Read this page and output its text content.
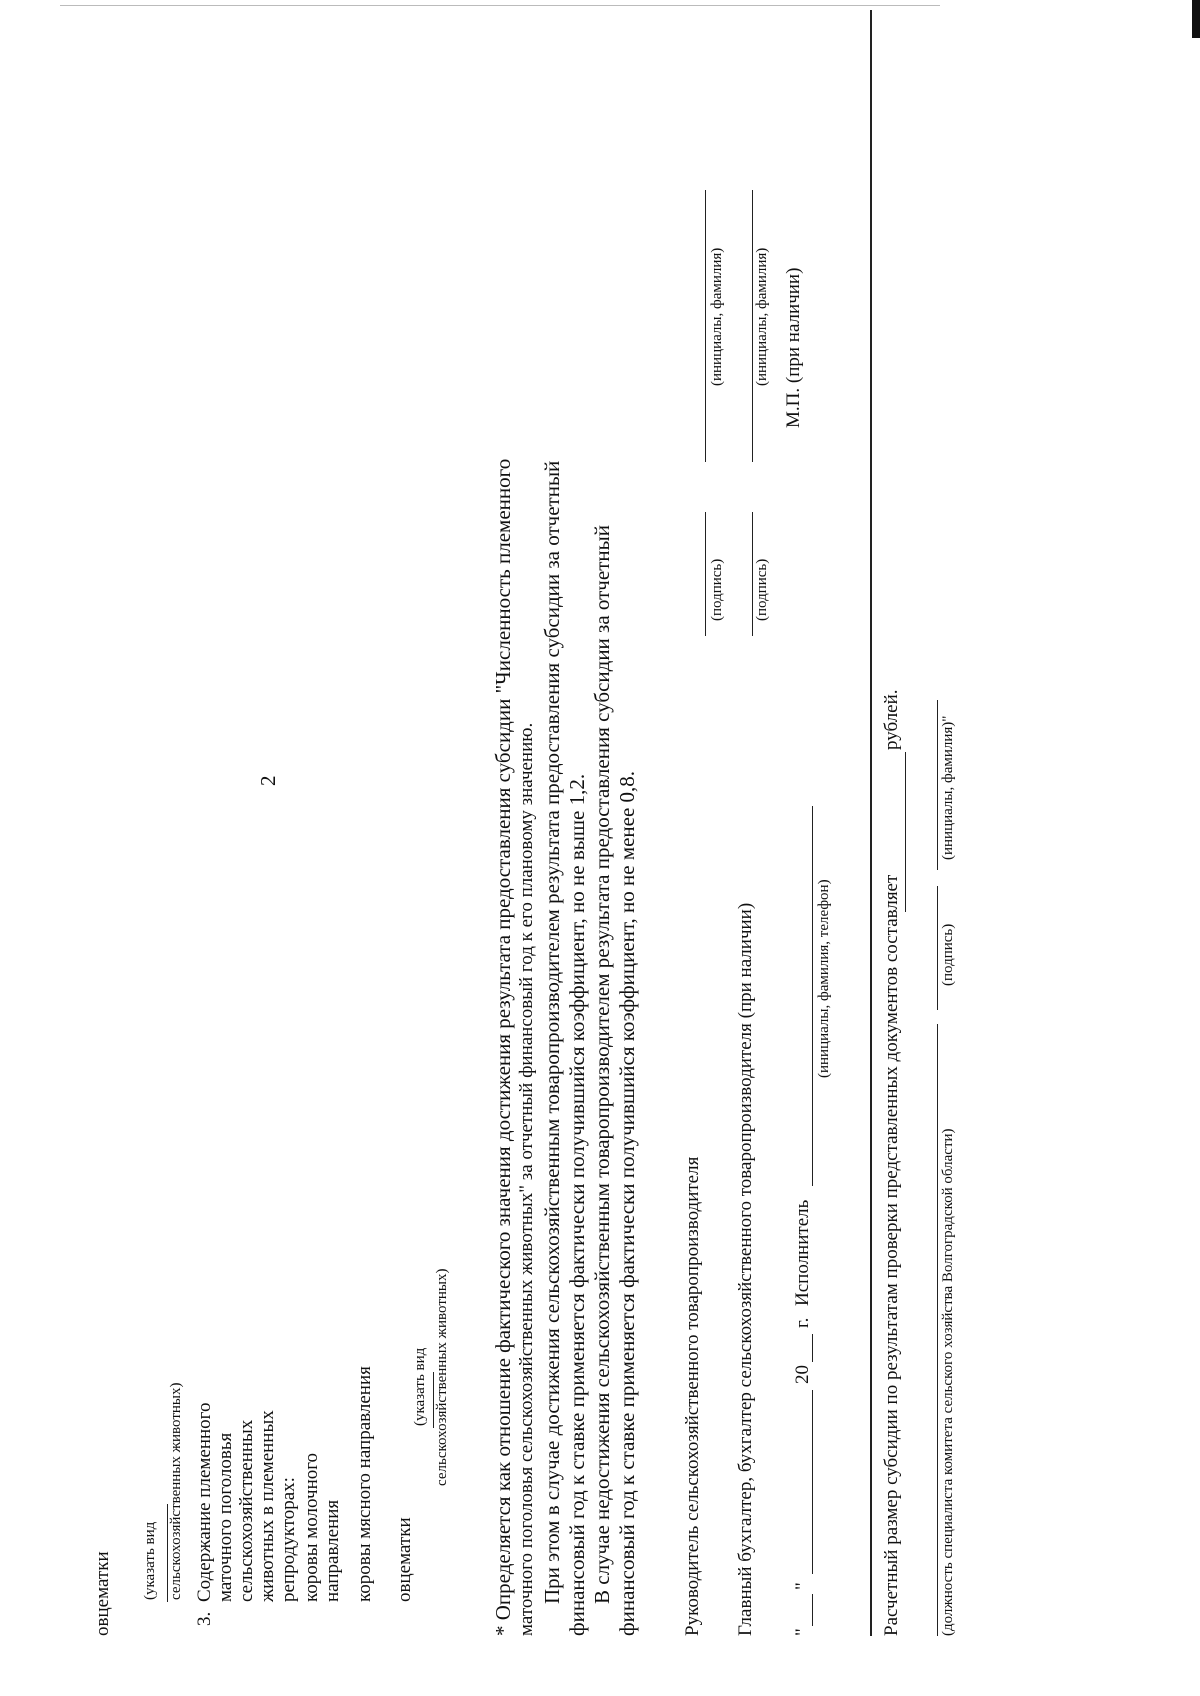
2
овцематки (указать вид сельскохозяйственных животных)
3.
Содержание племенного маточного поголовья сельскохозяйственных животных в племенных репродукторах: коровы молочного направления коровы мясного направления овцематки
(указать вид сельскохозяйственных животных) * Определяется как отношение фактического значения достижения результата предоставления субсидии "Численность племенного маточного поголовья сельскохозяйственных животных" за отчетный финансовый год к его плановому значению. При этом в случае достижения сельскохозяйственным товаропроизводителем результата предоставления субсидии за отчетный финансовый год к ставке применяется фактически получившийся коэффициент, но не выше 1,2. В случае недостижения сельскохозяйственным товаропроизводителем результата предоставления субсидии за отчетный финансовый год к ставке применяется фактически получившийся коэффициент, но не менее 0,8. Руководитель сельскохозяйственного товаропроизводителя
(подпись)
(инициалы, фамилия)
Главный бухгалтер, бухгалтер сельскохозяйственного товаропроизводителя (при наличии)
(подпись)
(инициалы, фамилия) М.П. (при наличии)
"
"
20
г.
Исполнитель
(инициалы, фамилия, телефон)	Расчетный размер субсидии по результатам проверки представленных документов составляет
рублей.
(должность специалиста комитета сельского хозяйства Волгоградской области)
(подпись)
(инициалы, фамилия)"
